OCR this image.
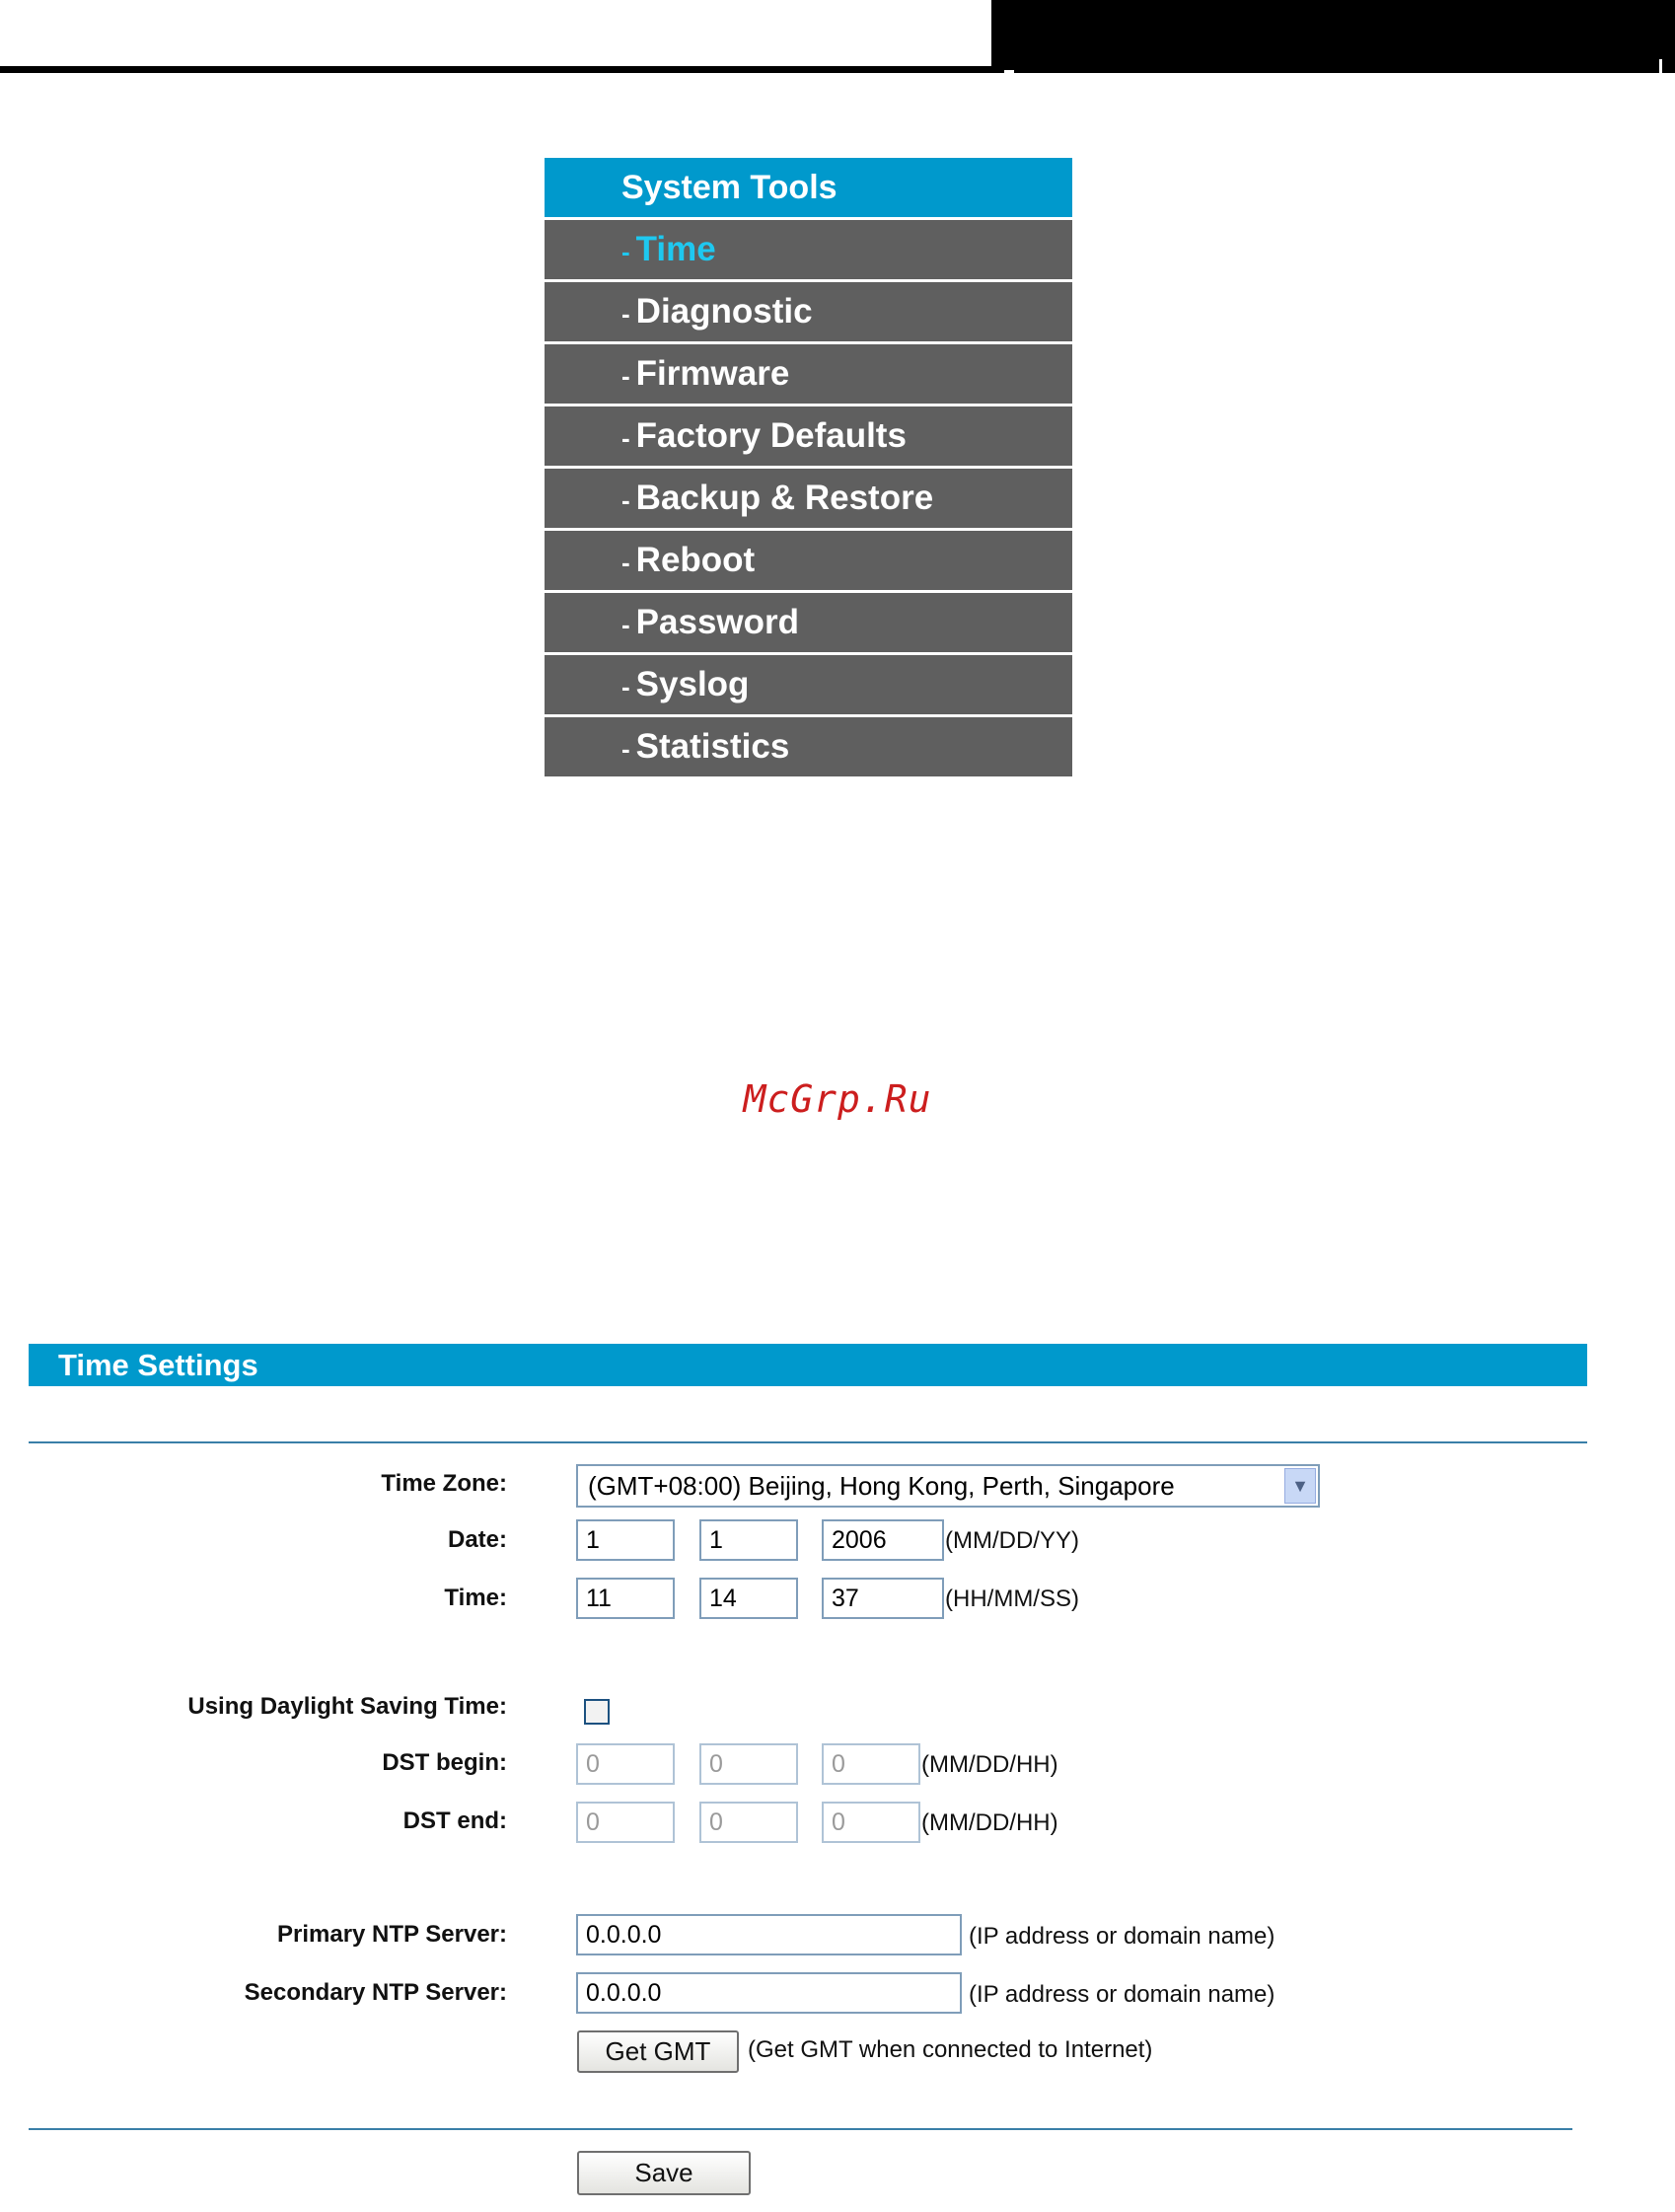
System Tools
- Time
- Diagnostic
- Firmware
- Factory Defaults
- Backup & Restore
- Reboot
- Password
- Syslog
- Statistics
McGrp.Ru
Time Settings
Time Zone:	(GMT+08:00) Beijing, Hong Kong, Perth, Singapore	▼
Date:	1	1	2006	(MM/DD/YY)
Time:	11	14	37	(HH/MM/SS)
Using Daylight Saving Time:
DST begin:	0	0	0	(MM/DD/HH)
DST end:	0	0	0	(MM/DD/HH)
Primary NTP Server:	0.0.0.0	(IP address or domain name)
Secondary NTP Server:	0.0.0.0	(IP address or domain name)
Get GMT	(Get GMT when connected to Internet)
Save
